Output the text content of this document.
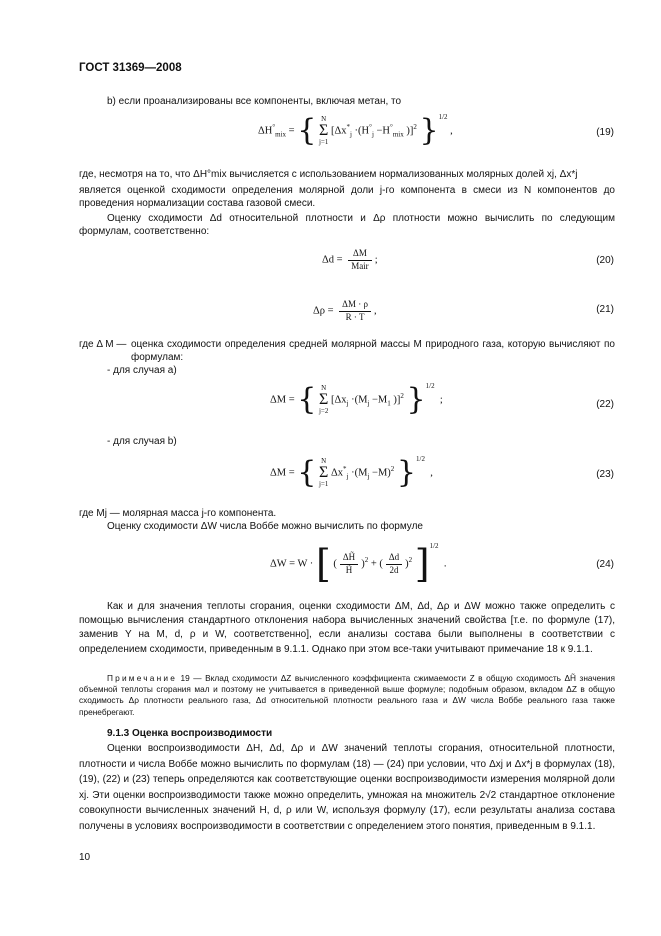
ГОСТ 31369—2008
b) если проанализированы все компоненты, включая метан, то
$\Delta H^\circ_{mix}$ = { N
Σ
j=1
[$\Delta x^*_j \cdot(H^\circ_j -H^\circ_{mix}$ )]$^2$ }$^{1/2}$ ,	(19)
где, несмотря на то, что ΔH°mix вычисляется с использованием нормализованных молярных долей xj, Δx*j
является оценкой сходимости определения молярной доли j-го компонента в смеси из N компонентов до проведения нормализации состава газовой смеси.
Оценку сходимости Δd относительной плотности и Δρ плотности можно вычислить по следующим формулам, соответственно:
$\Delta d = \frac{\Delta M}{\text{Mair}}$ ;	(20)
$\Delta\rho = \frac{\Delta M \cdot \rho}{R \cdot T}$ ,	(21)
где Δ M — оценка сходимости определения средней молярной массы M природного газа, которую вычисляют по формулам:
- для случая а)
ΔM = { N
Σ
j=2
[$\Delta x_j \cdot(M_j -M_1$ )]$^2$ }$^{1/2}$  ;	(22)
- для случая b)
ΔM = { N
Σ
j=1
$\Delta x^*_j \cdot(M_j -M)^2$ }$^{1/2}$  ,	(23)
где Mj — молярная масса j-го компонента.
Оценку сходимости ΔW числа Воббе можно вычислить по формуле
ΔW = W · [ ( $\frac{\Delta H̃}{H̃} )^2$ + ( $\frac{\Delta d}{2d} )^2$ ]$^{1/2}$  .	(24)
Как и для значения теплоты сгорания, оценки сходимости ΔM, Δd, Δρ и ΔW можно также определить с помощью вычисления стандартного отклонения набора вычисленных значений свойства [т.е. по формуле (17), заменив Y на M, d, ρ и W, соответственно], если анализы состава были выполнены в соответствии с определением сходимости, приведенным в 9.1.1. Однако при этом все-таки учитывают примечание 18 к 9.1.1.
Примечание 19 — Вклад сходимости ΔZ вычисленного коэффициента сжимаемости Z в общую сходимость ΔH̃ значения объемной теплоты сгорания мал и поэтому не учитывается в приведенной выше формуле; подобным образом, вкладом ΔZ в общую сходимость Δρ плотности реального газа, Δd относительной плотности реального газа и ΔW числа Воббе реального газа также пренебрегают.
9.1.3 Оценка воспроизводимости
Оценки воспроизводимости ΔH, Δd, Δρ и ΔW значений теплоты сгорания, относительной плотности, плотности и числа Воббе можно вычислить по формулам (18) — (24) при условии, что Δxj и Δx*j в формулах (18), (19), (22) и (23) теперь определяются как соответствующие оценки воспроизводимости измерения молярной доли xj. Эти оценки воспроизводимости также можно определить, умножая на множитель 2√2 стандартное отклонение совокупности вычисленных значений H, d, ρ или W, используя формулу (17), если результаты анализа состава получены в условиях воспроизводимости в соответствии с определением этого понятия, приведенным в 9.1.1.
10
